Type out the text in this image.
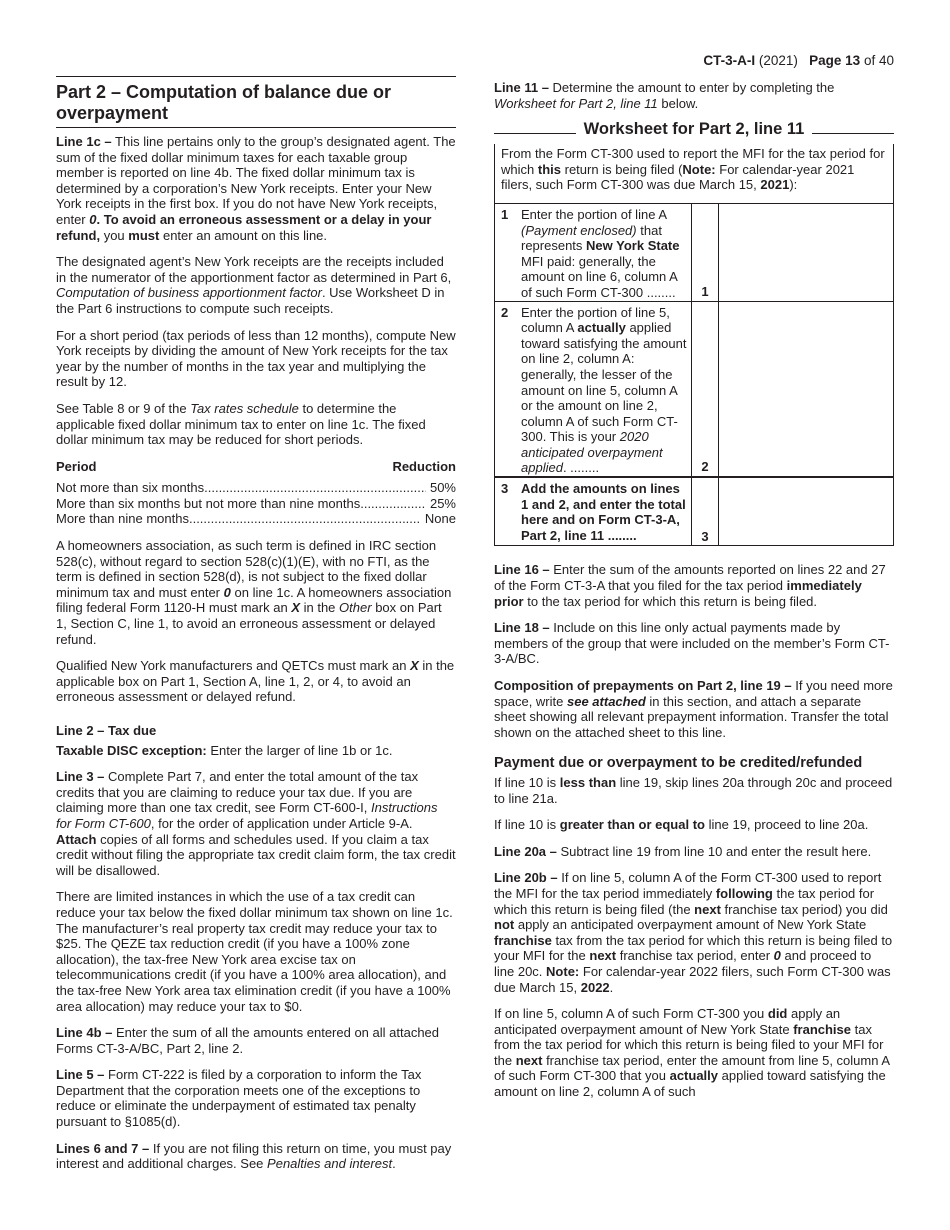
CT-3-A-I (2021) Page 13 of 40
Part 2 – Computation of balance due or overpayment

Line 1c – This line pertains only to the group’s designated agent. The sum of the fixed dollar minimum taxes for each taxable group member is reported on line 4b. The fixed dollar minimum tax is determined by a corporation’s New York receipts. Enter your New York receipts in the first box. If you do not have New York receipts, enter 0. To avoid an erroneous assessment or a delay in your refund, you must enter an amount on this line.

The designated agent’s New York receipts are the receipts included in the numerator of the apportionment factor as determined in Part 6, Computation of business apportionment factor. Use Worksheet D in the Part 6 instructions to compute such receipts.

For a short period (tax periods of less than 12 months), compute New York receipts by dividing the amount of New York receipts for the tax year by the number of months in the tax year and multiplying the result by 12.

See Table 8 or 9 of the Tax rates schedule to determine the applicable fixed dollar minimum tax to enter on line 1c. The fixed dollar minimum tax may be reduced for short periods.

Period	Reduction
Not more than six months .....	50%
More than six months but not more than nine months .....	25%
More than nine months .....	None

A homeowners association, as such term is defined in IRC section 528(c), without regard to section 528(c)(1)(E), with no FTI, as the term is defined in section 528(d), is not subject to the fixed dollar minimum tax and must enter 0 on line 1c. A homeowners association filing federal Form 1120-H must mark an X in the Other box on Part 1, Section C, line 1, to avoid an erroneous assessment or delayed refund.

Qualified New York manufacturers and QETCs must mark an X in the applicable box on Part 1, Section A, line 1, 2, or 4, to avoid an erroneous assessment or delayed refund.

Line 2 – Tax due

Taxable DISC exception: Enter the larger of line 1b or 1c.

Line 3 – Complete Part 7, and enter the total amount of the tax credits that you are claiming to reduce your tax due. If you are claiming more than one tax credit, see Form CT-600-I, Instructions for Form CT-600, for the order of application under Article 9-A. Attach copies of all forms and schedules used. If you claim a tax credit without filing the appropriate tax credit claim form, the tax credit will be disallowed.

There are limited instances in which the use of a tax credit can reduce your tax below the fixed dollar minimum tax shown on line 1c. The manufacturer’s real property tax credit may reduce your tax to $25. The QEZE tax reduction credit (if you have a 100% zone allocation), the tax-free New York area excise tax on telecommunications credit (if you have a 100% area allocation), and the tax-free New York area tax elimination credit (if you have a 100% area allocation) may reduce your tax to $0.

Line 4b – Enter the sum of all the amounts entered on all attached Forms CT-3-A/BC, Part 2, line 2.

Line 5 – Form CT-222 is filed by a corporation to inform the Tax Department that the corporation meets one of the exceptions to reduce or eliminate the underpayment of estimated tax penalty pursuant to §1085(d).

Lines 6 and 7 – If you are not filing this return on time, you must pay interest and additional charges. See Penalties and interest.

Line 11 – Determine the amount to enter by completing the Worksheet for Part 2, line 11 below.

Worksheet for Part 2, line 11
From the Form CT-300 used to report the MFI for the tax period for which this return is being filed (Note: For calendar-year 2021 filers, such Form CT-300 was due March 15, 2021):
1 Enter the portion of line A (Payment enclosed) that represents New York State MFI paid: generally, the amount on line 6, column A of such Form CT-300 .....	1
2 Enter the portion of line 5, column A actually applied toward satisfying the amount on line 2, column A: generally, the lesser of the amount on line 5, column A or the amount on line 2, column A of such Form CT-300. This is your 2020 anticipated overpayment applied. .....	2
3 Add the amounts on lines 1 and 2, and enter the total here and on Form CT-3-A, Part 2, line 11 .....	3

Line 16 – Enter the sum of the amounts reported on lines 22 and 27 of the Form CT-3-A that you filed for the tax period immediately prior to the tax period for which this return is being filed.

Line 18 – Include on this line only actual payments made by members of the group that were included on the member’s Form CT-3-A/BC.

Composition of prepayments on Part 2, line 19 – If you need more space, write see attached in this section, and attach a separate sheet showing all relevant prepayment information. Transfer the total shown on the attached sheet to this line.

Payment due or overpayment to be credited/refunded

If line 10 is less than line 19, skip lines 20a through 20c and proceed to line 21a.

If line 10 is greater than or equal to line 19, proceed to line 20a.

Line 20a – Subtract line 19 from line 10 and enter the result here.

Line 20b – If on line 5, column A of the Form CT-300 used to report the MFI for the tax period immediately following the tax period for which this return is being filed (the next franchise tax period) you did not apply an anticipated overpayment amount of New York State franchise tax from the tax period for which this return is being filed to your MFI for the next franchise tax period, enter 0 and proceed to line 20c. Note: For calendar-year 2022 filers, such Form CT-300 was due March 15, 2022.

If on line 5, column A of such Form CT-300 you did apply an anticipated overpayment amount of New York State franchise tax from the tax period for which this return is being filed to your MFI for the next franchise tax period, enter the amount from line 5, column A of such Form CT-300 that you actually applied toward satisfying the amount on line 2, column A of such
